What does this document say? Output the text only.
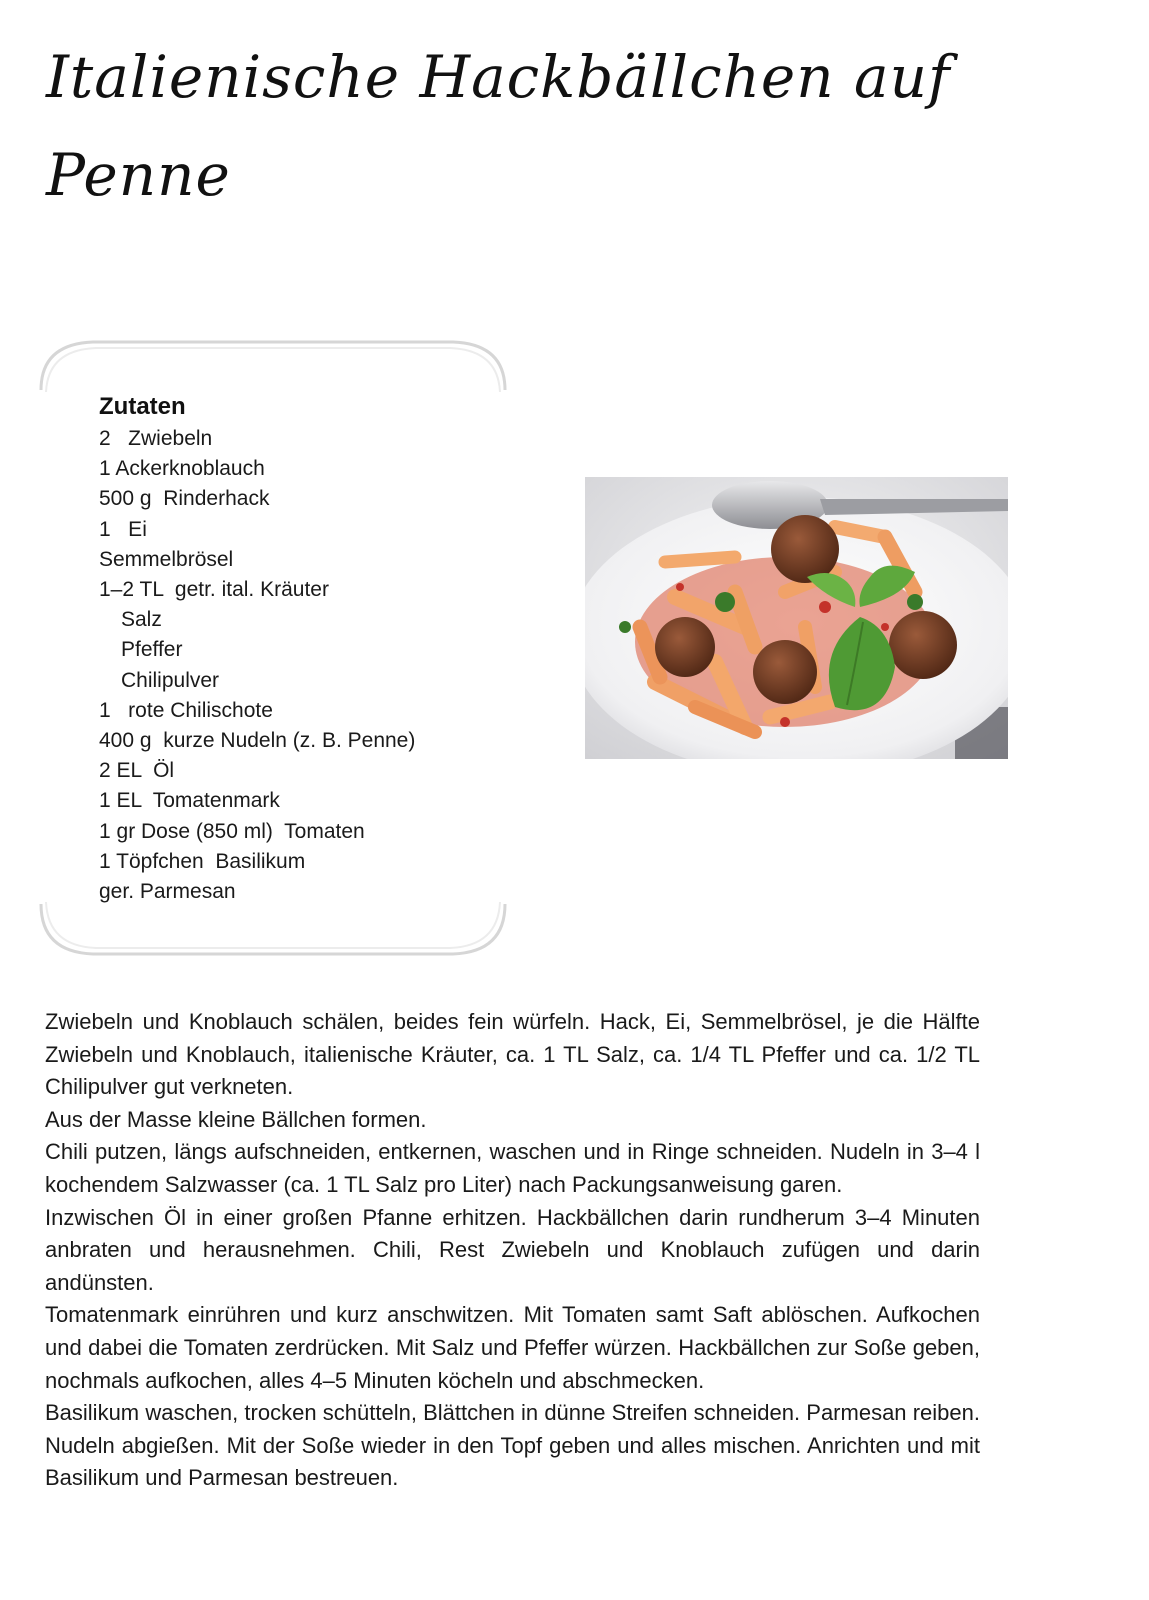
Italienische Hackbällchen auf Penne
Zutaten
2   Zwiebeln
1 Ackerknoblauch
500 g  Rinderhack
1   Ei
Semmelbrösel
1–2 TL  getr. ital. Kräuter
Salz
Pfeffer
Chilipulver
1   rote Chilischote
400 g  kurze Nudeln (z. B. Penne)
2 EL  Öl
1 EL  Tomatenmark
1 gr Dose (850 ml)  Tomaten
1 Töpfchen  Basilikum
ger. Parmesan

Zwiebeln und Knoblauch schälen, beides fein würfeln. Hack, Ei, Semmelbrösel, je die Hälfte Zwiebeln und Knoblauch, italienische Kräuter, ca. 1 TL Salz, ca. 1/4 TL Pfeffer und ca. 1/2 TL Chilipulver gut verkneten.

Aus der Masse kleine Bällchen formen.

Chili putzen, längs aufschneiden, entkernen, waschen und in Ringe schneiden. Nudeln in 3–4 l kochendem Salzwasser (ca. 1 TL Salz pro Liter) nach Packungsanweisung garen.

Inzwischen Öl in einer großen Pfanne erhitzen. Hackbällchen darin rundherum 3–4 Minuten anbraten und herausnehmen. Chili, Rest Zwiebeln und Knoblauch zufügen und darin andünsten.

Tomatenmark einrühren und kurz anschwitzen. Mit Tomaten samt Saft ablöschen. Aufkochen und dabei die Tomaten zerdrücken. Mit Salz und Pfeffer würzen. Hackbällchen zur Soße geben, nochmals aufkochen, alles 4–5 Minuten köcheln und abschmecken.

Basilikum waschen, trocken schütteln, Blättchen in dünne Streifen schneiden. Parmesan reiben. Nudeln abgießen. Mit der Soße wieder in den Topf geben und alles mischen. Anrichten und mit Basilikum und Parmesan bestreuen.
